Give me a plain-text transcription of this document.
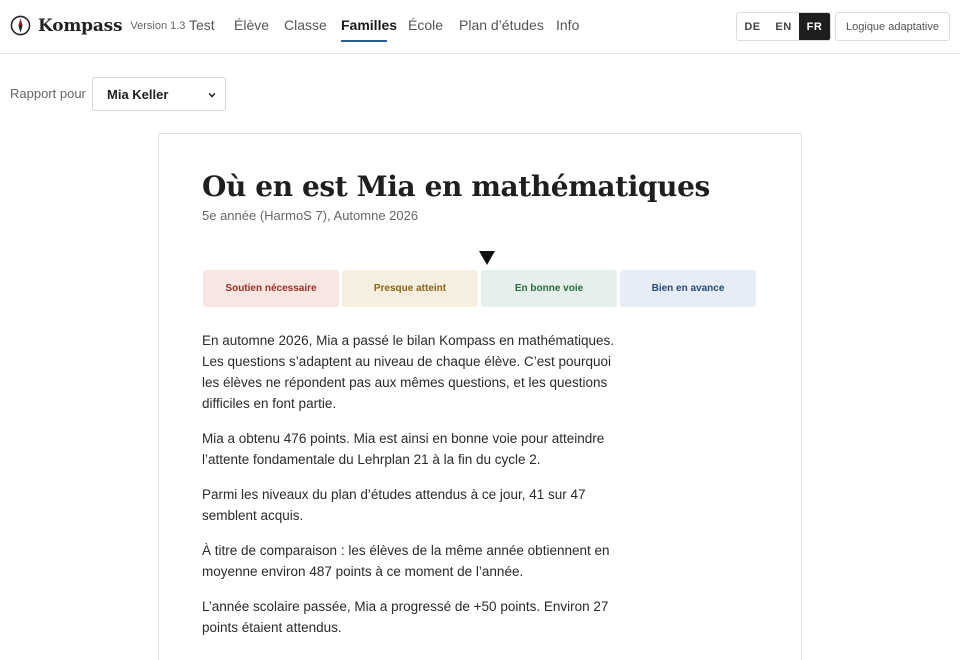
Kompass Version 1.3 Test Élève Classe Familles École Plan d’études Info	DE	EN	FR	Logique adaptative
Rapport pour Mia Keller
Où en est Mia en mathématiques
5e année (HarmoS 7), Automne 2026
Soutien nécessaire	Presque atteint	En bonne voie	Bien en avance

En automne 2026, Mia a passé le bilan Kompass en mathématiques. Les questions s’adaptent au niveau de chaque élève. C’est pourquoi les élèves ne répondent pas aux mêmes questions, et les questions difficiles en font partie.

Mia a obtenu 476 points. Mia est ainsi en bonne voie pour atteindre l’attente fondamentale du Lehrplan 21 à la fin du cycle 2.

Parmi les niveaux du plan d’études attendus à ce jour, 41 sur 47 semblent acquis.

À titre de comparaison : les élèves de la même année obtiennent en moyenne environ 487 points à ce moment de l’année.

L’année scolaire passée, Mia a progressé de +50 points. Environ 27 points étaient attendus.
